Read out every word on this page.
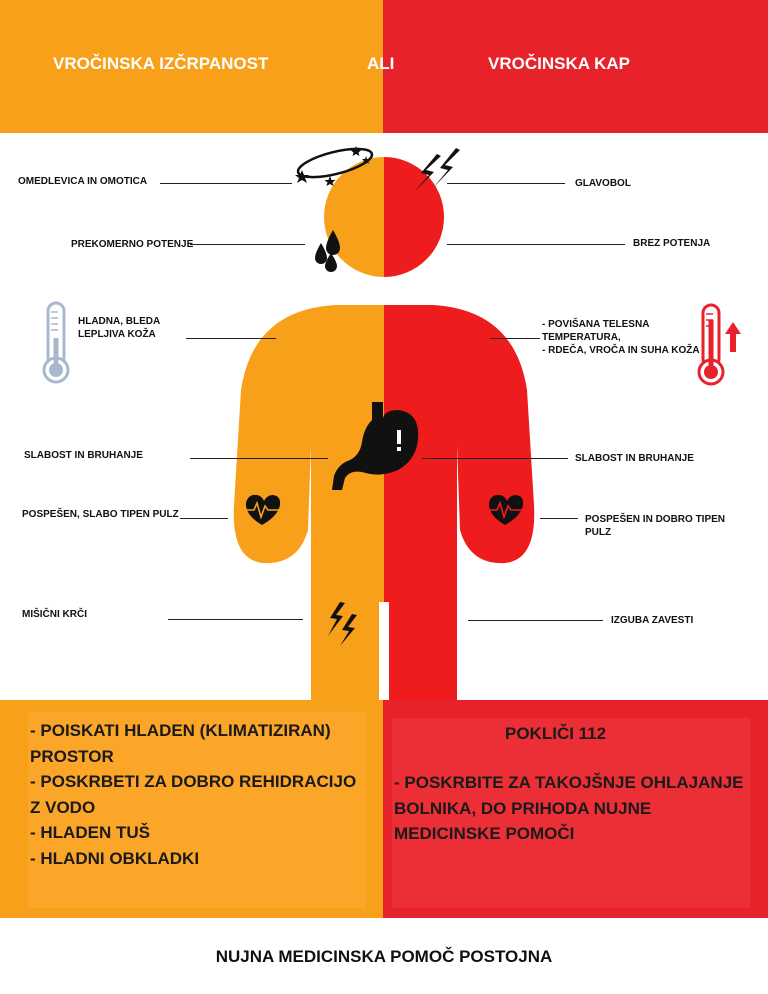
VROČINSKA IZČRPANOST	ALI	VROČINSKA KAP
OMEDLEVICA IN OMOTICA
PREKOMERNO POTENJE
HLADNA, BLEDA
LEPLJIVA KOŽA
SLABOST IN BRUHANJE
POSPEŠEN, SLABO TIPEN PULZ
MIŠIČNI KRČI
GLAVOBOL
BREZ POTENJA
- POVIŠANA TELESNA
TEMPERATURA,
- RDEČA, VROČA IN SUHA KOŽA
SLABOST IN BRUHANJE
POSPEŠEN IN DOBRO TIPEN
PULZ
IZGUBA ZAVESTI
- POISKATI HLADEN (KLIMATIZIRAN)
PROSTOR
- POSKRBETI ZA DOBRO REHIDRACIJO
Z VODO
- HLADEN TUŠ
- HLADNI OBKLADKI
POKLIČI 112
- POSKRBITE ZA TAKOJŠNJE OHLAJANJE
BOLNIKA, DO PRIHODA NUJNE
MEDICINSKE POMOČI
NUJNA MEDICINSKA POMOČ POSTOJNA
